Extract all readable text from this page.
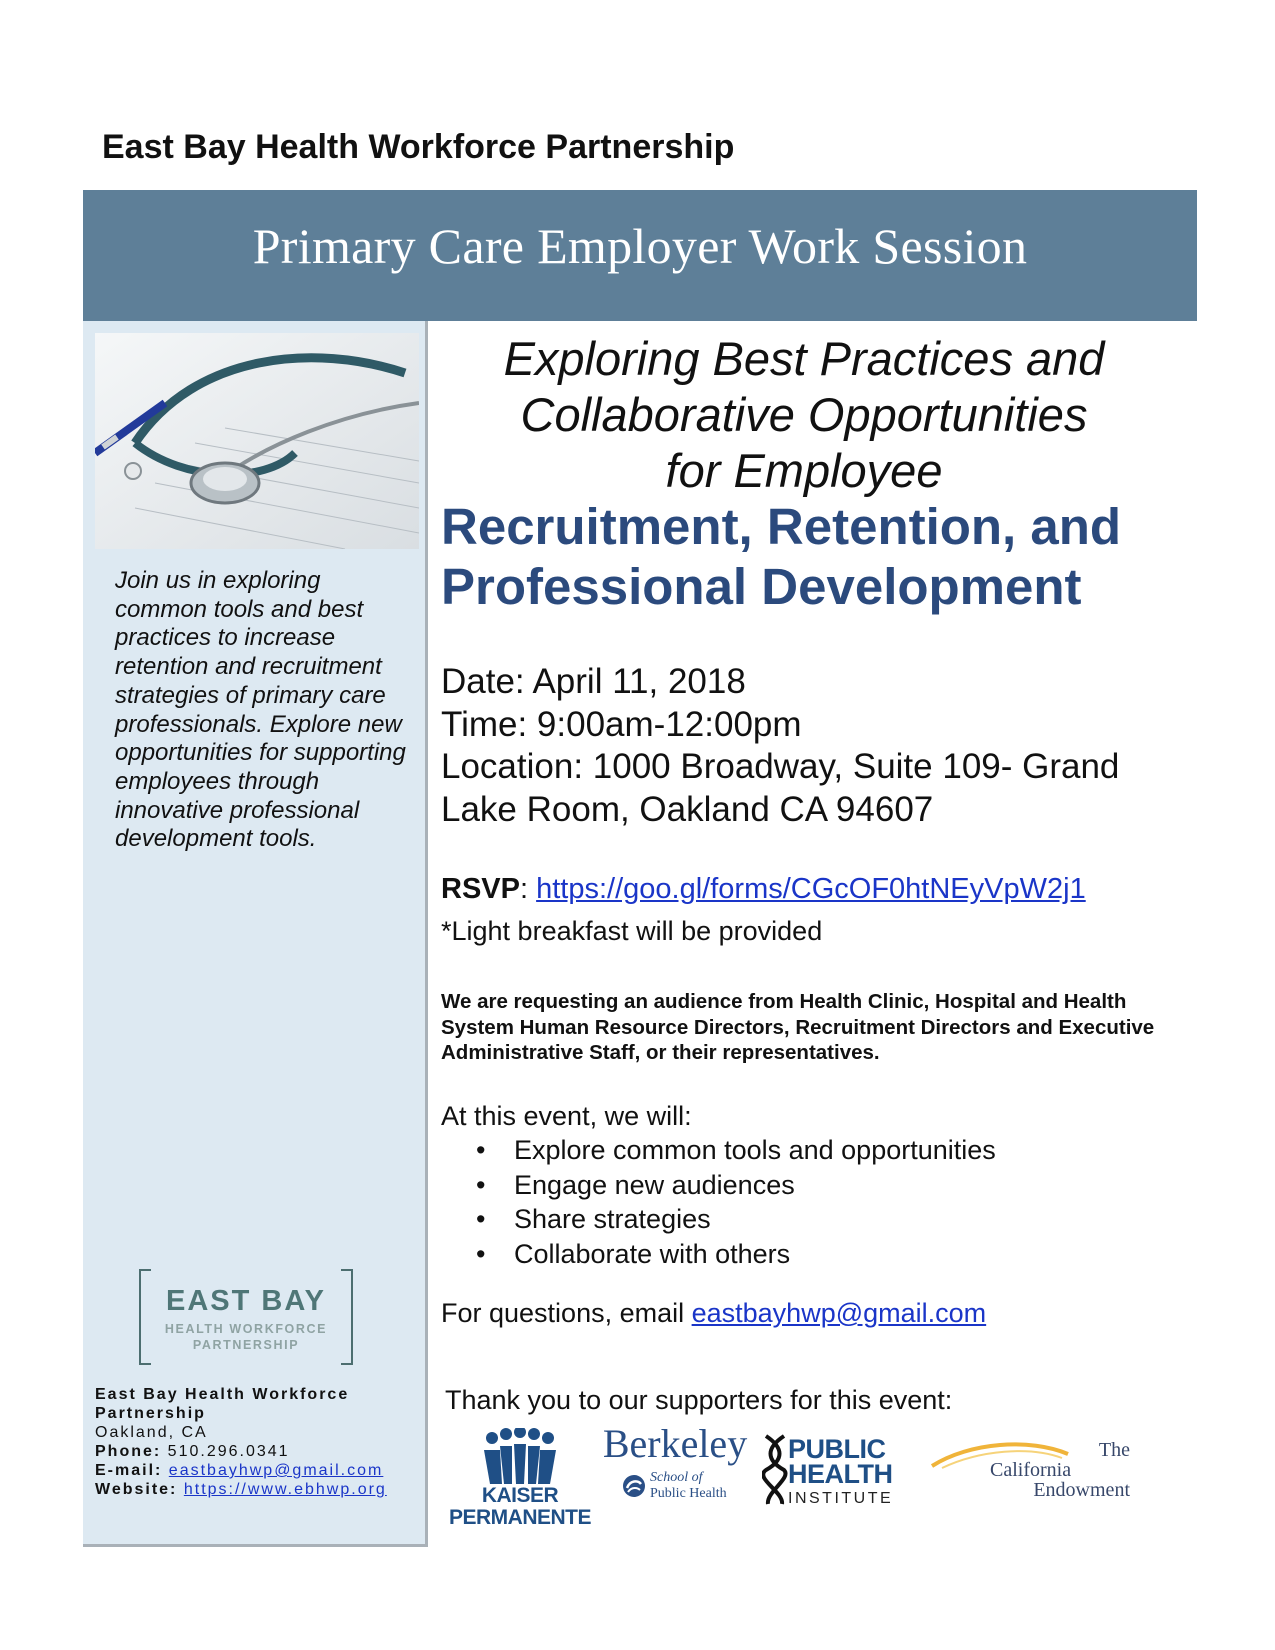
East Bay Health Workforce Partnership
Primary Care Employer Work Session
Join us in exploring common tools and best practices to increase retention and recruitment strategies of primary care professionals. Explore new opportunities for supporting employees through innovative professional development tools.
EAST BAY
HEALTH WORKFORCE
PARTNERSHIP
East Bay Health Workforce
Partnership
Oakland, CA
Phone: 510.296.0341
E-mail: eastbayhwp@gmail.com
Website: https://www.ebhwp.org
Exploring Best Practices and
Collaborative Opportunities
for Employee
Recruitment, Retention, and
Professional Development
Date: April 11, 2018
Time: 9:00am-12:00pm
Location: 1000 Broadway, Suite 109- Grand
Lake Room, Oakland CA 94607
RSVP: https://goo.gl/forms/CGcOF0htNEyVpW2j1
*Light breakfast will be provided
We are requesting an audience from Health Clinic, Hospital and Health System Human Resource Directors, Recruitment Directors and Executive Administrative Staff, or their representatives.
At this event, we will:
• Explore common tools and opportunities
• Engage new audiences
• Share strategies
• Collaborate with others
For questions, email eastbayhwp@gmail.com
Thank you to our supporters for this event:
KAISER
PERMANENTE
Berkeley
School of
Public Health
PUBLIC
HEALTH
INSTITUTE
The
California
Endowment
